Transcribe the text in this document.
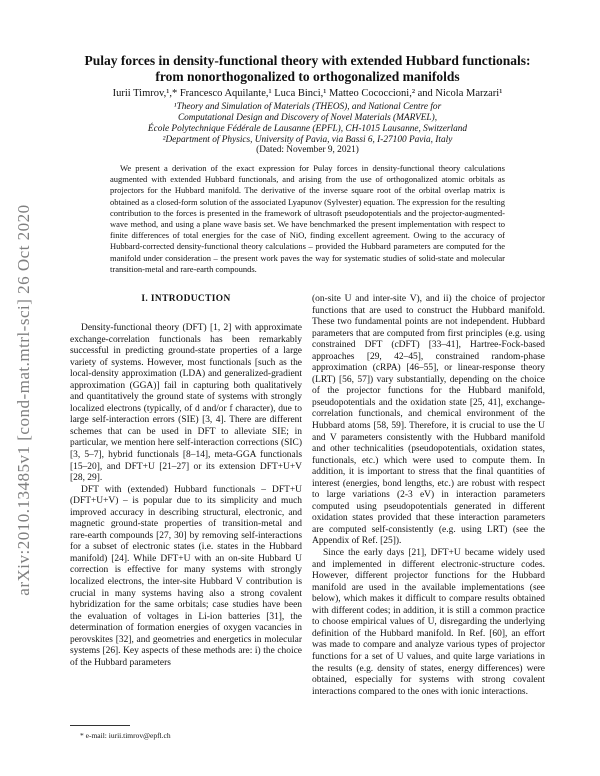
arXiv:2010.13485v1 [cond-mat.mtrl-sci] 26 Oct 2020
Pulay forces in density-functional theory with extended Hubbard functionals:
from nonorthogonalized to orthogonalized manifolds
Iurii Timrov,¹,* Francesco Aquilante,¹ Luca Binci,¹ Matteo Cococcioni,² and Nicola Marzari¹
¹Theory and Simulation of Materials (THEOS), and National Centre for
Computational Design and Discovery of Novel Materials (MARVEL),
École Polytechnique Fédérale de Lausanne (EPFL), CH-1015 Lausanne, Switzerland
²Department of Physics, University of Pavia, via Bassi 6, I-27100 Pavia, Italy
(Dated: November 9, 2021)
We present a derivation of the exact expression for Pulay forces in density-functional theory calculations augmented with extended Hubbard functionals, and arising from the use of orthogonalized atomic orbitals as projectors for the Hubbard manifold. The derivative of the inverse square root of the orbital overlap matrix is obtained as a closed-form solution of the associated Lyapunov (Sylvester) equation. The expression for the resulting contribution to the forces is presented in the framework of ultrasoft pseudopotentials and the projector-augmented-wave method, and using a plane wave basis set. We have benchmarked the present implementation with respect to finite differences of total energies for the case of NiO, finding excellent agreement. Owing to the accuracy of Hubbard-corrected density-functional theory calculations – provided the Hubbard parameters are computed for the manifold under consideration – the present work paves the way for systematic studies of solid-state and molecular transition-metal and rare-earth compounds.
I. INTRODUCTION

Density-functional theory (DFT) [1, 2] with approximate exchange-correlation functionals has been remarkably successful in predicting ground-state properties of a large variety of systems. However, most functionals [such as the local-density approximation (LDA) and generalized-gradient approximation (GGA)] fail in capturing both qualitatively and quantitatively the ground state of systems with strongly localized electrons (typically, of d and/or f character), due to large self-interaction errors (SIE) [3, 4]. There are different schemes that can be used in DFT to alleviate SIE; in particular, we mention here self-interaction corrections (SIC) [3, 5–7], hybrid functionals [8–14], meta-GGA functionals [15–20], and DFT+U [21–27] or its extension DFT+U+V [28, 29].

DFT with (extended) Hubbard functionals – DFT+U (DFT+U+V) – is popular due to its simplicity and much improved accuracy in describing structural, electronic, and magnetic ground-state properties of transition-metal and rare-earth compounds [27, 30] by removing self-interactions for a subset of electronic states (i.e. states in the Hubbard manifold) [24]. While DFT+U with an on-site Hubbard U correction is effective for many systems with strongly localized electrons, the inter-site Hubbard V contribution is crucial in many systems having also a strong covalent hybridization for the same orbitals; case studies have been the evaluation of voltages in Li-ion batteries [31], the determination of formation energies of oxygen vacancies in perovskites [32], and geometries and energetics in molecular systems [26]. Key aspects of these methods are: i) the choice of the Hubbard parameters

(on-site U and inter-site V), and ii) the choice of projector functions that are used to construct the Hubbard manifold. These two fundamental points are not independent. Hubbard parameters that are computed from first principles (e.g. using constrained DFT (cDFT) [33–41], Hartree-Fock-based approaches [29, 42–45], constrained random-phase approximation (cRPA) [46–55], or linear-response theory (LRT) [56, 57]) vary substantially, depending on the choice of the projector functions for the Hubbard manifold, pseudopotentials and the oxidation state [25, 41], exchange-correlation functionals, and chemical environment of the Hubbard atoms [58, 59]. Therefore, it is crucial to use the U and V parameters consistently with the Hubbard manifold and other technicalities (pseudopotentials, oxidation states, functionals, etc.) which were used to compute them. In addition, it is important to stress that the final quantities of interest (energies, bond lengths, etc.) are robust with respect to large variations (2-3 eV) in interaction parameters computed using pseudopotentials generated in different oxidation states provided that these interaction parameters are computed self-consistently (e.g. using LRT) (see the Appendix of Ref. [25]).

Since the early days [21], DFT+U became widely used and implemented in different electronic-structure codes. However, different projector functions for the Hubbard manifold are used in the available implementations (see below), which makes it difficult to compare results obtained with different codes; in addition, it is still a common practice to choose empirical values of U, disregarding the underlying definition of the Hubbard manifold. In Ref. [60], an effort was made to compare and analyze various types of projector functions for a set of U values, and quite large variations in the results (e.g. density of states, energy differences) were obtained, especially for systems with strong covalent interactions compared to the ones with ionic interactions.

* e-mail: iurii.timrov@epfl.ch
